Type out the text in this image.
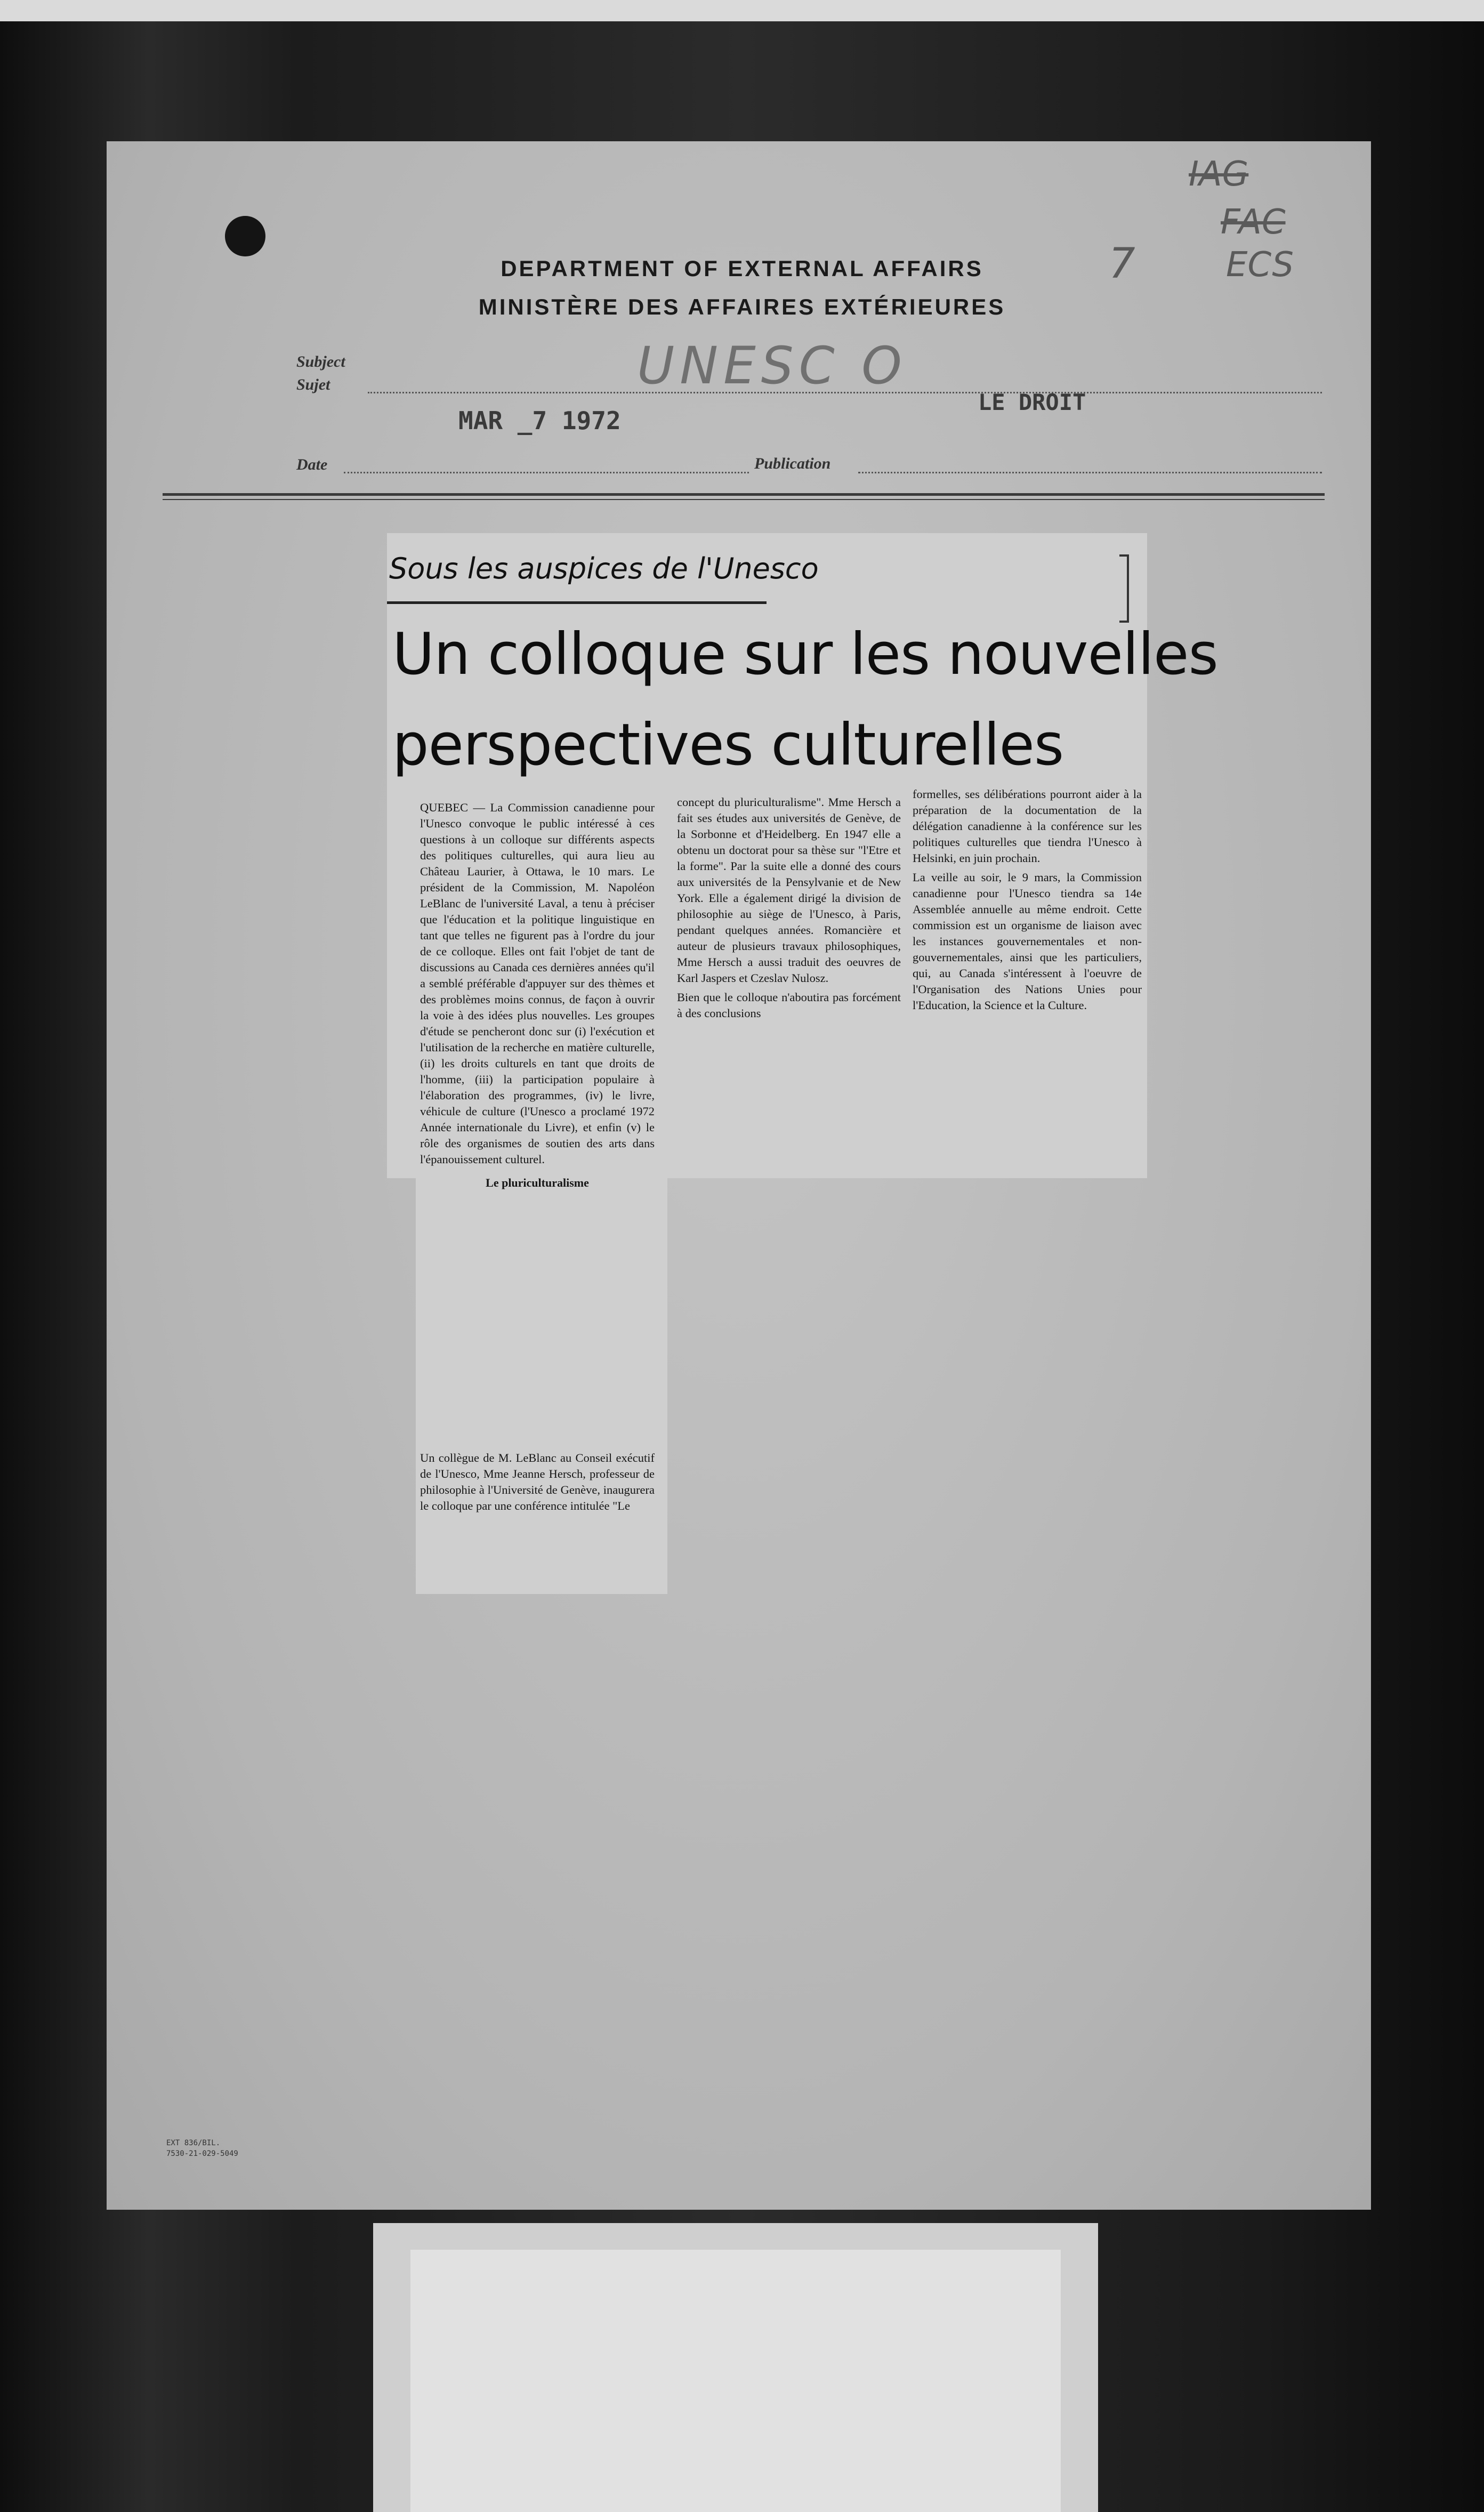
DEPARTMENT OF EXTERNAL AFFAIRS
MINISTÈRE DES AFFAIRES EXTÉRIEURES
IAG
FAC
ECS
7
Subject
Sujet	UNESC O
MAR _7 1972
LE DROIT
Date	Publication
Sous les auspices de l'Unesco
Un colloque sur les nouvelles
perspectives culturelles

QUEBEC — La Commission canadienne pour l'Unesco convoque le public intéressé à ces questions à un colloque sur différents aspects des politiques culturelles, qui aura lieu au Château Laurier, à Ottawa, le 10 mars. Le président de la Commission, M. Napoléon LeBlanc de l'université Laval, a tenu à préciser que l'éducation et la politique linguistique en tant que telles ne figurent pas à l'ordre du jour de ce colloque. Elles ont fait l'objet de tant de discussions au Canada ces dernières années qu'il a semblé préférable d'appuyer sur des thèmes et des problèmes moins connus, de façon à ouvrir la voie à des idées plus nouvelles. Les groupes d'étude se pencheront donc sur (i) l'exécution et l'utilisation de la recherche en matière culturelle, (ii) les droits culturels en tant que droits de l'homme, (iii) la participation populaire à l'élaboration des programmes, (iv) le livre, véhicule de culture (l'Unesco a proclamé 1972 Année internationale du Livre), et enfin (v) le rôle des organismes de soutien des arts dans l'épanouissement culturel.

Le pluriculturalisme

Un collègue de M. LeBlanc au Conseil exécutif de l'Unesco, Mme Jeanne Hersch, professeur de philosophie à l'Université de Genève, inaugurera le colloque par une conférence intitulée "Le

concept du pluriculturalisme". Mme Hersch a fait ses études aux universités de Genève, de la Sorbonne et d'Heidelberg. En 1947 elle a obtenu un doctorat pour sa thèse sur "l'Etre et la forme". Par la suite elle a donné des cours aux universités de la Pensylvanie et de New York. Elle a également dirigé la division de philosophie au siège de l'Unesco, à Paris, pendant quelques années. Romancière et auteur de plusieurs travaux philosophiques, Mme Hersch a aussi traduit des oeuvres de Karl Jaspers et Czeslav Nulosz.

Bien que le colloque n'aboutira pas forcément à des conclusions

formelles, ses délibérations pourront aider à la préparation de la documentation de la délégation canadienne à la conférence sur les politiques culturelles que tiendra l'Unesco à Helsinki, en juin prochain.

La veille au soir, le 9 mars, la Commission canadienne pour l'Unesco tiendra sa 14e Assemblée annuelle au même endroit. Cette commission est un organisme de liaison avec les instances gouvernementales et non-gouvernementales, ainsi que les particuliers, qui, au Canada s'intéressent à l'oeuvre de l'Organisation des Nations Unies pour l'Education, la Science et la Culture.

EXT 836/BIL.
7530-21-029-5049
